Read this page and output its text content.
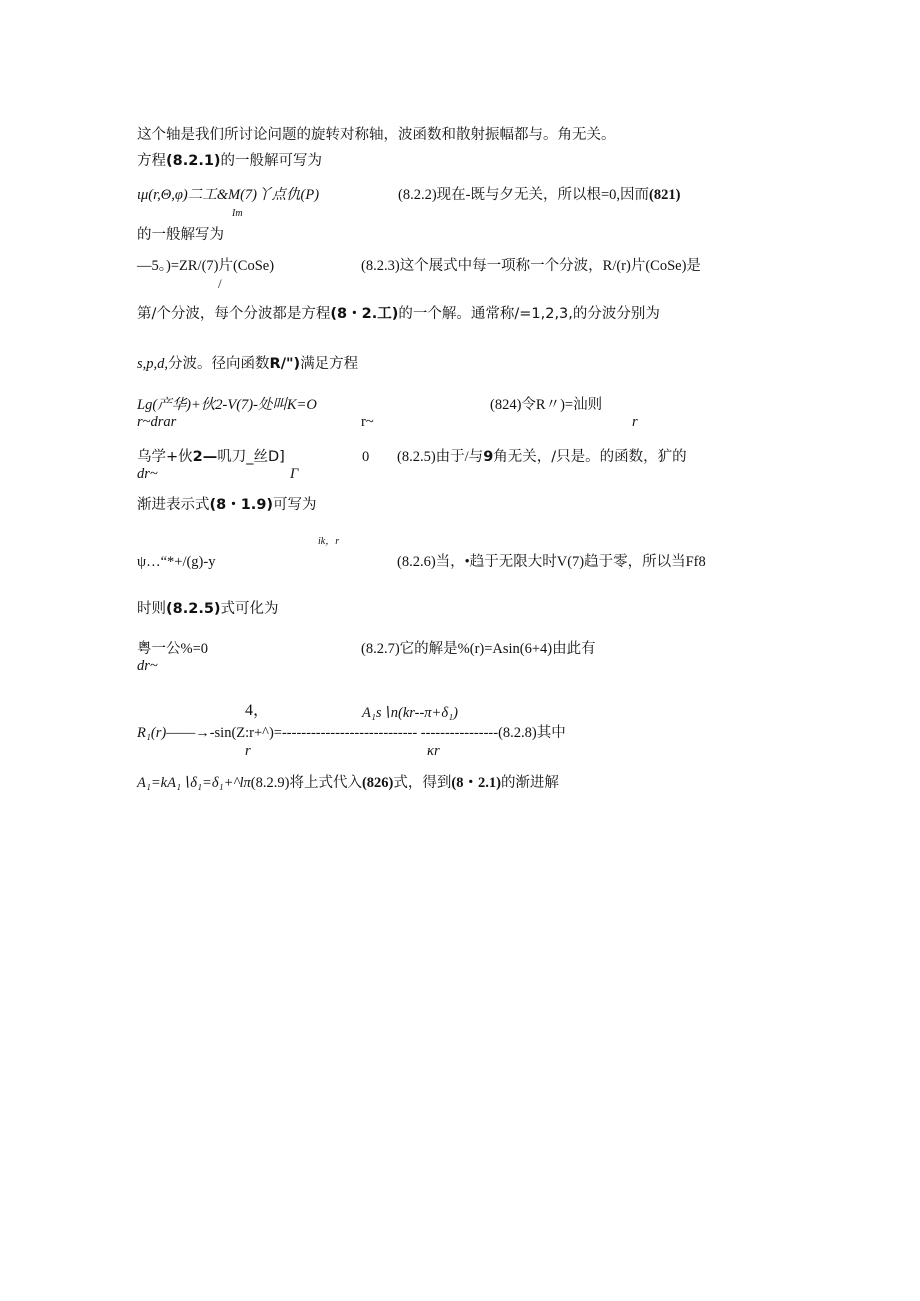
这个轴是我们所讨论问题的旋转对称轴，波函数和散射振幅都与。角无关。
方程(8.2.1)的一般解可写为
ιμ(r,Θ,φ)二工&M(7)丫点仇(P)	(8.2.2)现在-既与夕无关，所以根=0,因而(821)
Im
的一般解写为
—5。)=ZR/(7)片(CoSe)	(8.2.3)这个展式中每一项称一个分波，R/(r)片(CoSe)是
/
第/个分波，每个分波都是方程(8・2.工)的一个解。通常称/=1,2,3,的分波分别为
s,p,d,分波。径向函数R/")满足方程
Lg(产华)+伙2-V(7)-处叫K=O	(824)令R〃)=汕则
r~drar	r~	r
乌学+伙2—叽刀_丝D]	0 (8.2.5)由于/与9角无关，/只是。的函数，犷的
dr~	Γ
渐进表示式(8・1.9)可写为
ik，r
ψ…“*+/(g)-y	(8.2.6)当，•趋于无限大时V(7)趋于零，所以当Ff8
时则(8.2.5)式可化为
粤一公%=0	(8.2.7)它的解是%(r)=Asin(6+4)由此有
dr~
4，	A₁s∖n(kr--π+δ₁)
R₁(r)——→-sin(Z:r+^)=---------------------------- ----------------(8.2.8)其中
r	κr
A₁=kA₁∖δ₁=δ₁+^lπ(8.2.9)将上式代入(826)式，得到(8・2.1)的渐进解
